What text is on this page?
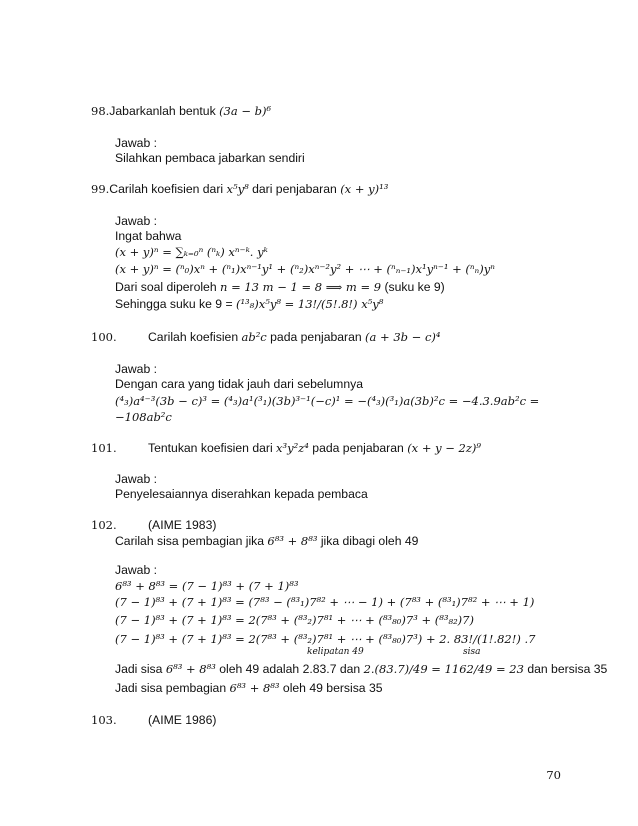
98.Jabarkanlah bentuk (3a − b)⁶
Jawab :
Silahkan pembaca jabarkan sendiri
99.Carilah koefisien dari x⁵y⁸ dari penjabaran (x + y)¹³
Jawab :
Ingat bahwa
(x + y)ⁿ = ∑ₖ₌₀ⁿ (ⁿₖ) xⁿ⁻ᵏ. yᵏ
(x + y)ⁿ = (ⁿ₀)xⁿ + (ⁿ₁)xⁿ⁻¹y¹ + (ⁿ₂)xⁿ⁻²y² + ⋯ + (ⁿₙ₋₁)x¹yⁿ⁻¹ + (ⁿₙ)yⁿ
Dari soal diperoleh n = 13 m − 1 = 8 ⟹ m = 9 (suku ke 9)
Sehingga suku ke 9 = (¹³₈)x⁵y⁸ = 13!/(5!.8!) x⁵y⁸
100.	Carilah koefisien ab²c pada penjabaran (a + 3b − c)⁴
Jawab :
Dengan cara yang tidak jauh dari sebelumnya
(⁴₃)a⁴⁻³(3b − c)³ = (⁴₃)a¹(³₁)(3b)³⁻¹(−c)¹ = −(⁴₃)(³₁)a(3b)²c = −4.3.9ab²c =
−108ab²c
101.	Tentukan koefisien dari x³y²z⁴ pada penjabaran (x + y − 2z)⁹
Jawab :
Penyelesaiannya diserahkan kepada pembaca
102.	(AIME 1983)
Carilah sisa pembagian jika 6⁸³ + 8⁸³ jika dibagi oleh 49
Jawab :
6⁸³ + 8⁸³ = (7 − 1)⁸³ + (7 + 1)⁸³
(7 − 1)⁸³ + (7 + 1)⁸³ = (7⁸³ − (⁸³₁)7⁸² + ⋯ − 1) + (7⁸³ + (⁸³₁)7⁸² + ⋯ + 1)
(7 − 1)⁸³ + (7 + 1)⁸³ = 2(7⁸³ + (⁸³₂)7⁸¹ + ⋯ + (⁸³₈₀)7³ + (⁸³₈₂)7)
(7 − 1)⁸³ + (7 + 1)⁸³ = 2(7⁸³ + (⁸³₂)7⁸¹ + ⋯ + (⁸³₈₀)7³) + 2. 83!/(1!.82!) .7
kelipatan 49	sisa
Jadi sisa 6⁸³ + 8⁸³ oleh 49 adalah 2.83.7 dan 2.(83.7)/49 = 1162/49 = 23 dan bersisa 35
Jadi sisa pembagian 6⁸³ + 8⁸³ oleh 49 bersisa 35
103.	(AIME 1986)
70
